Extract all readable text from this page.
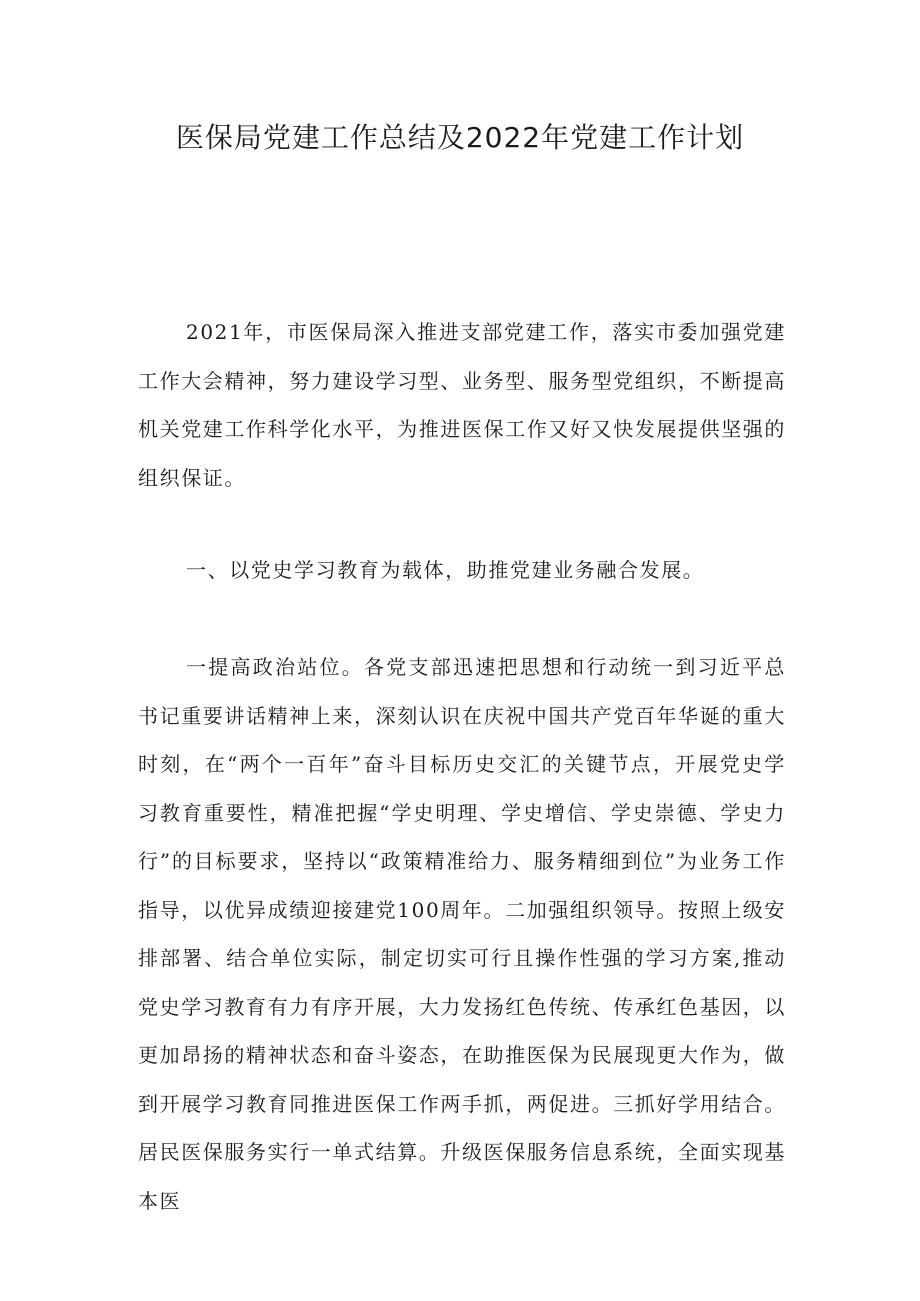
医保局党建工作总结及2022年党建工作计划

2021年，市医保局深入推进支部党建工作，落实市委加强党建工作大会精神，努力建设学习型、业务型、服务型党组织，不断提高机关党建工作科学化水平，为推进医保工作又好又快发展提供坚强的组织保证。

一、以党史学习教育为载体，助推党建业务融合发展。

一提高政治站位。各党支部迅速把思想和行动统一到习近平总书记重要讲话精神上来，深刻认识在庆祝中国共产党百年华诞的重大时刻，在“两个一百年”奋斗目标历史交汇的关键节点，开展党史学习教育重要性，精准把握“学史明理、学史增信、学史崇德、学史力行”的目标要求，坚持以“政策精准给力、服务精细到位”为业务工作指导，以优异成绩迎接建党100周年。二加强组织领导。按照上级安排部署、结合单位实际，制定切实可行且操作性强的学习方案,推动党史学习教育有力有序开展，大力发扬红色传统、传承红色基因，以更加昂扬的精神状态和奋斗姿态，在助推医保为民展现更大作为，做到开展学习教育同推进医保工作两手抓，两促进。三抓好学用结合。居民医保服务实行一单式结算。升级医保服务信息系统，全面实现基本医
